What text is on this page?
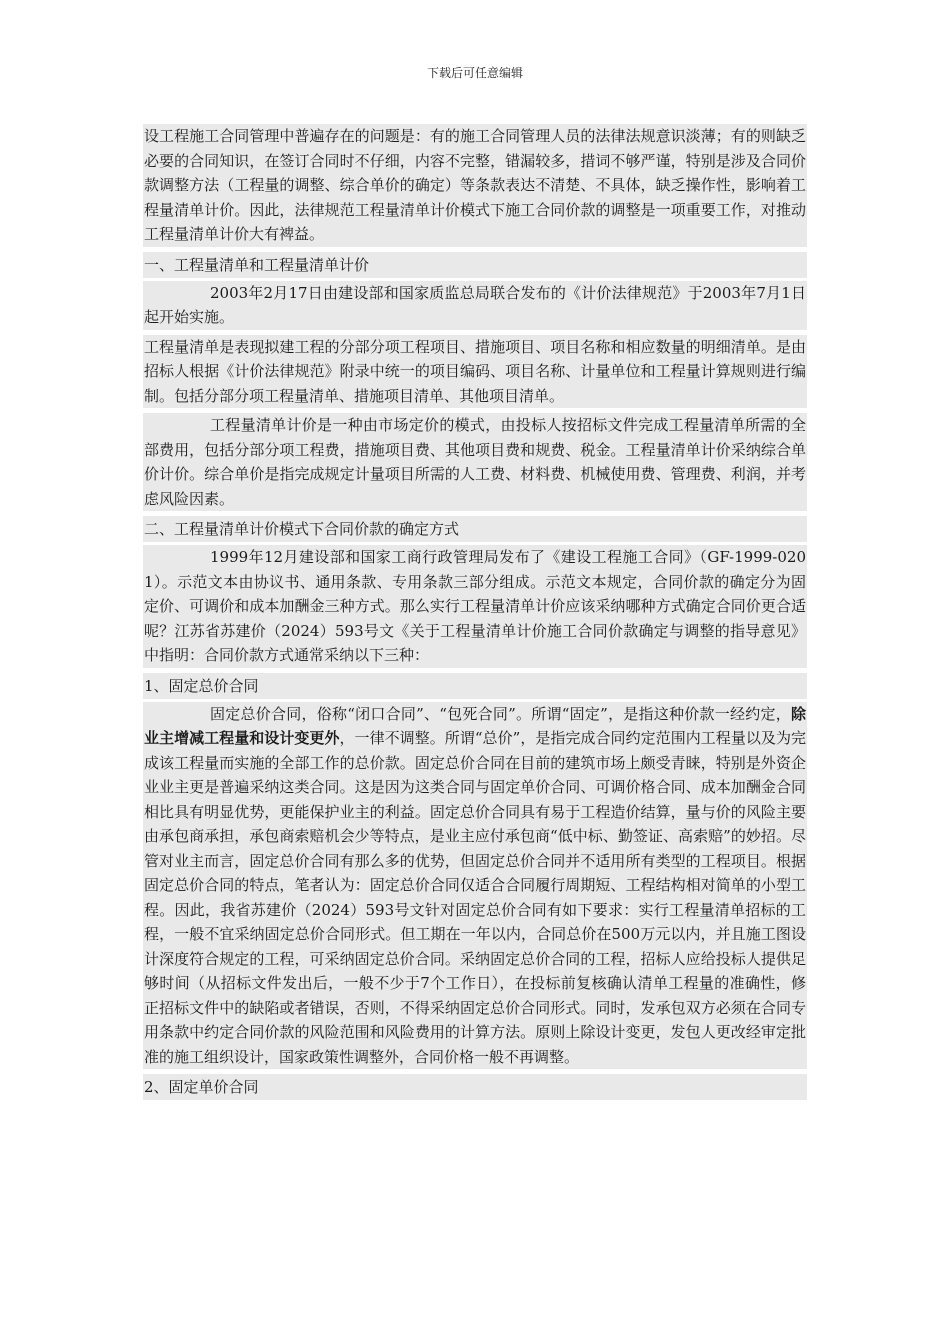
下载后可任意编辑

设工程施工合同管理中普遍存在的问题是：有的施工合同管理人员的法律法规意识淡薄；有的则缺乏必要的合同知识，在签订合同时不仔细，内容不完整，错漏较多，措词不够严谨，特别是涉及合同价款调整方法（工程量的调整、综合单价的确定）等条款表达不清楚、不具体，缺乏操作性，影响着工程量清单计价。因此，法律规范工程量清单计价模式下施工合同价款的调整是一项重要工作，对推动工程量清单计价大有裨益。

一、工程量清单和工程量清单计价

2003年2月17日由建设部和国家质监总局联合发布的《计价法律规范》于2003年7月1日起开始实施。

工程量清单是表现拟建工程的分部分项工程项目、措施项目、项目名称和相应数量的明细清单。是由招标人根据《计价法律规范》附录中统一的项目编码、项目名称、计量单位和工程量计算规则进行编制。包括分部分项工程量清单、措施项目清单、其他项目清单。

工程量清单计价是一种由市场定价的模式，由投标人按招标文件完成工程量清单所需的全部费用，包括分部分项工程费，措施项目费、其他项目费和规费、税金。工程量清单计价采纳综合单价计价。综合单价是指完成规定计量项目所需的人工费、材料费、机械使用费、管理费、利润，并考虑风险因素。

二、工程量清单计价模式下合同价款的确定方式

1999年12月建设部和国家工商行政管理局发布了《建设工程施工合同》（GF-1999-0201）。示范文本由协议书、通用条款、专用条款三部分组成。示范文本规定，合同价款的确定分为固定价、可调价和成本加酬金三种方式。那么实行工程量清单计价应该采纳哪种方式确定合同价更合适呢？江苏省苏建价（2024）593号文《关于工程量清单计价施工合同价款确定与调整的指导意见》中指明：合同价款方式通常采纳以下三种：

1、固定总价合同

固定总价合同，俗称“闭口合同”、“包死合同”。所谓“固定”，是指这种价款一经约定，除业主增减工程量和设计变更外，一律不调整。所谓“总价”，是指完成合同约定范围内工程量以及为完成该工程量而实施的全部工作的总价款。固定总价合同在目前的建筑市场上颇受青睐，特别是外资企业业主更是普遍采纳这类合同。这是因为这类合同与固定单价合同、可调价格合同、成本加酬金合同相比具有明显优势，更能保护业主的利益。固定总价合同具有易于工程造价结算，量与价的风险主要由承包商承担，承包商索赔机会少等特点，是业主应付承包商“低中标、勤签证、高索赔”的妙招。尽管对业主而言，固定总价合同有那么多的优势，但固定总价合同并不适用所有类型的工程项目。根据固定总价合同的特点，笔者认为：固定总价合同仅适合合同履行周期短、工程结构相对简单的小型工程。因此，我省苏建价（2024）593号文针对固定总价合同有如下要求：实行工程量清单招标的工程，一般不宜采纳固定总价合同形式。但工期在一年以内，合同总价在500万元以内，并且施工图设计深度符合规定的工程，可采纳固定总价合同。采纳固定总价合同的工程，招标人应给投标人提供足够时间（从招标文件发出后，一般不少于7个工作日），在投标前复核确认清单工程量的准确性，修正招标文件中的缺陷或者错误，否则，不得采纳固定总价合同形式。同时，发承包双方必须在合同专用条款中约定合同价款的风险范围和风险费用的计算方法。原则上除设计变更，发包人更改经审定批准的施工组织设计，国家政策性调整外，合同价格一般不再调整。

2、固定单价合同
